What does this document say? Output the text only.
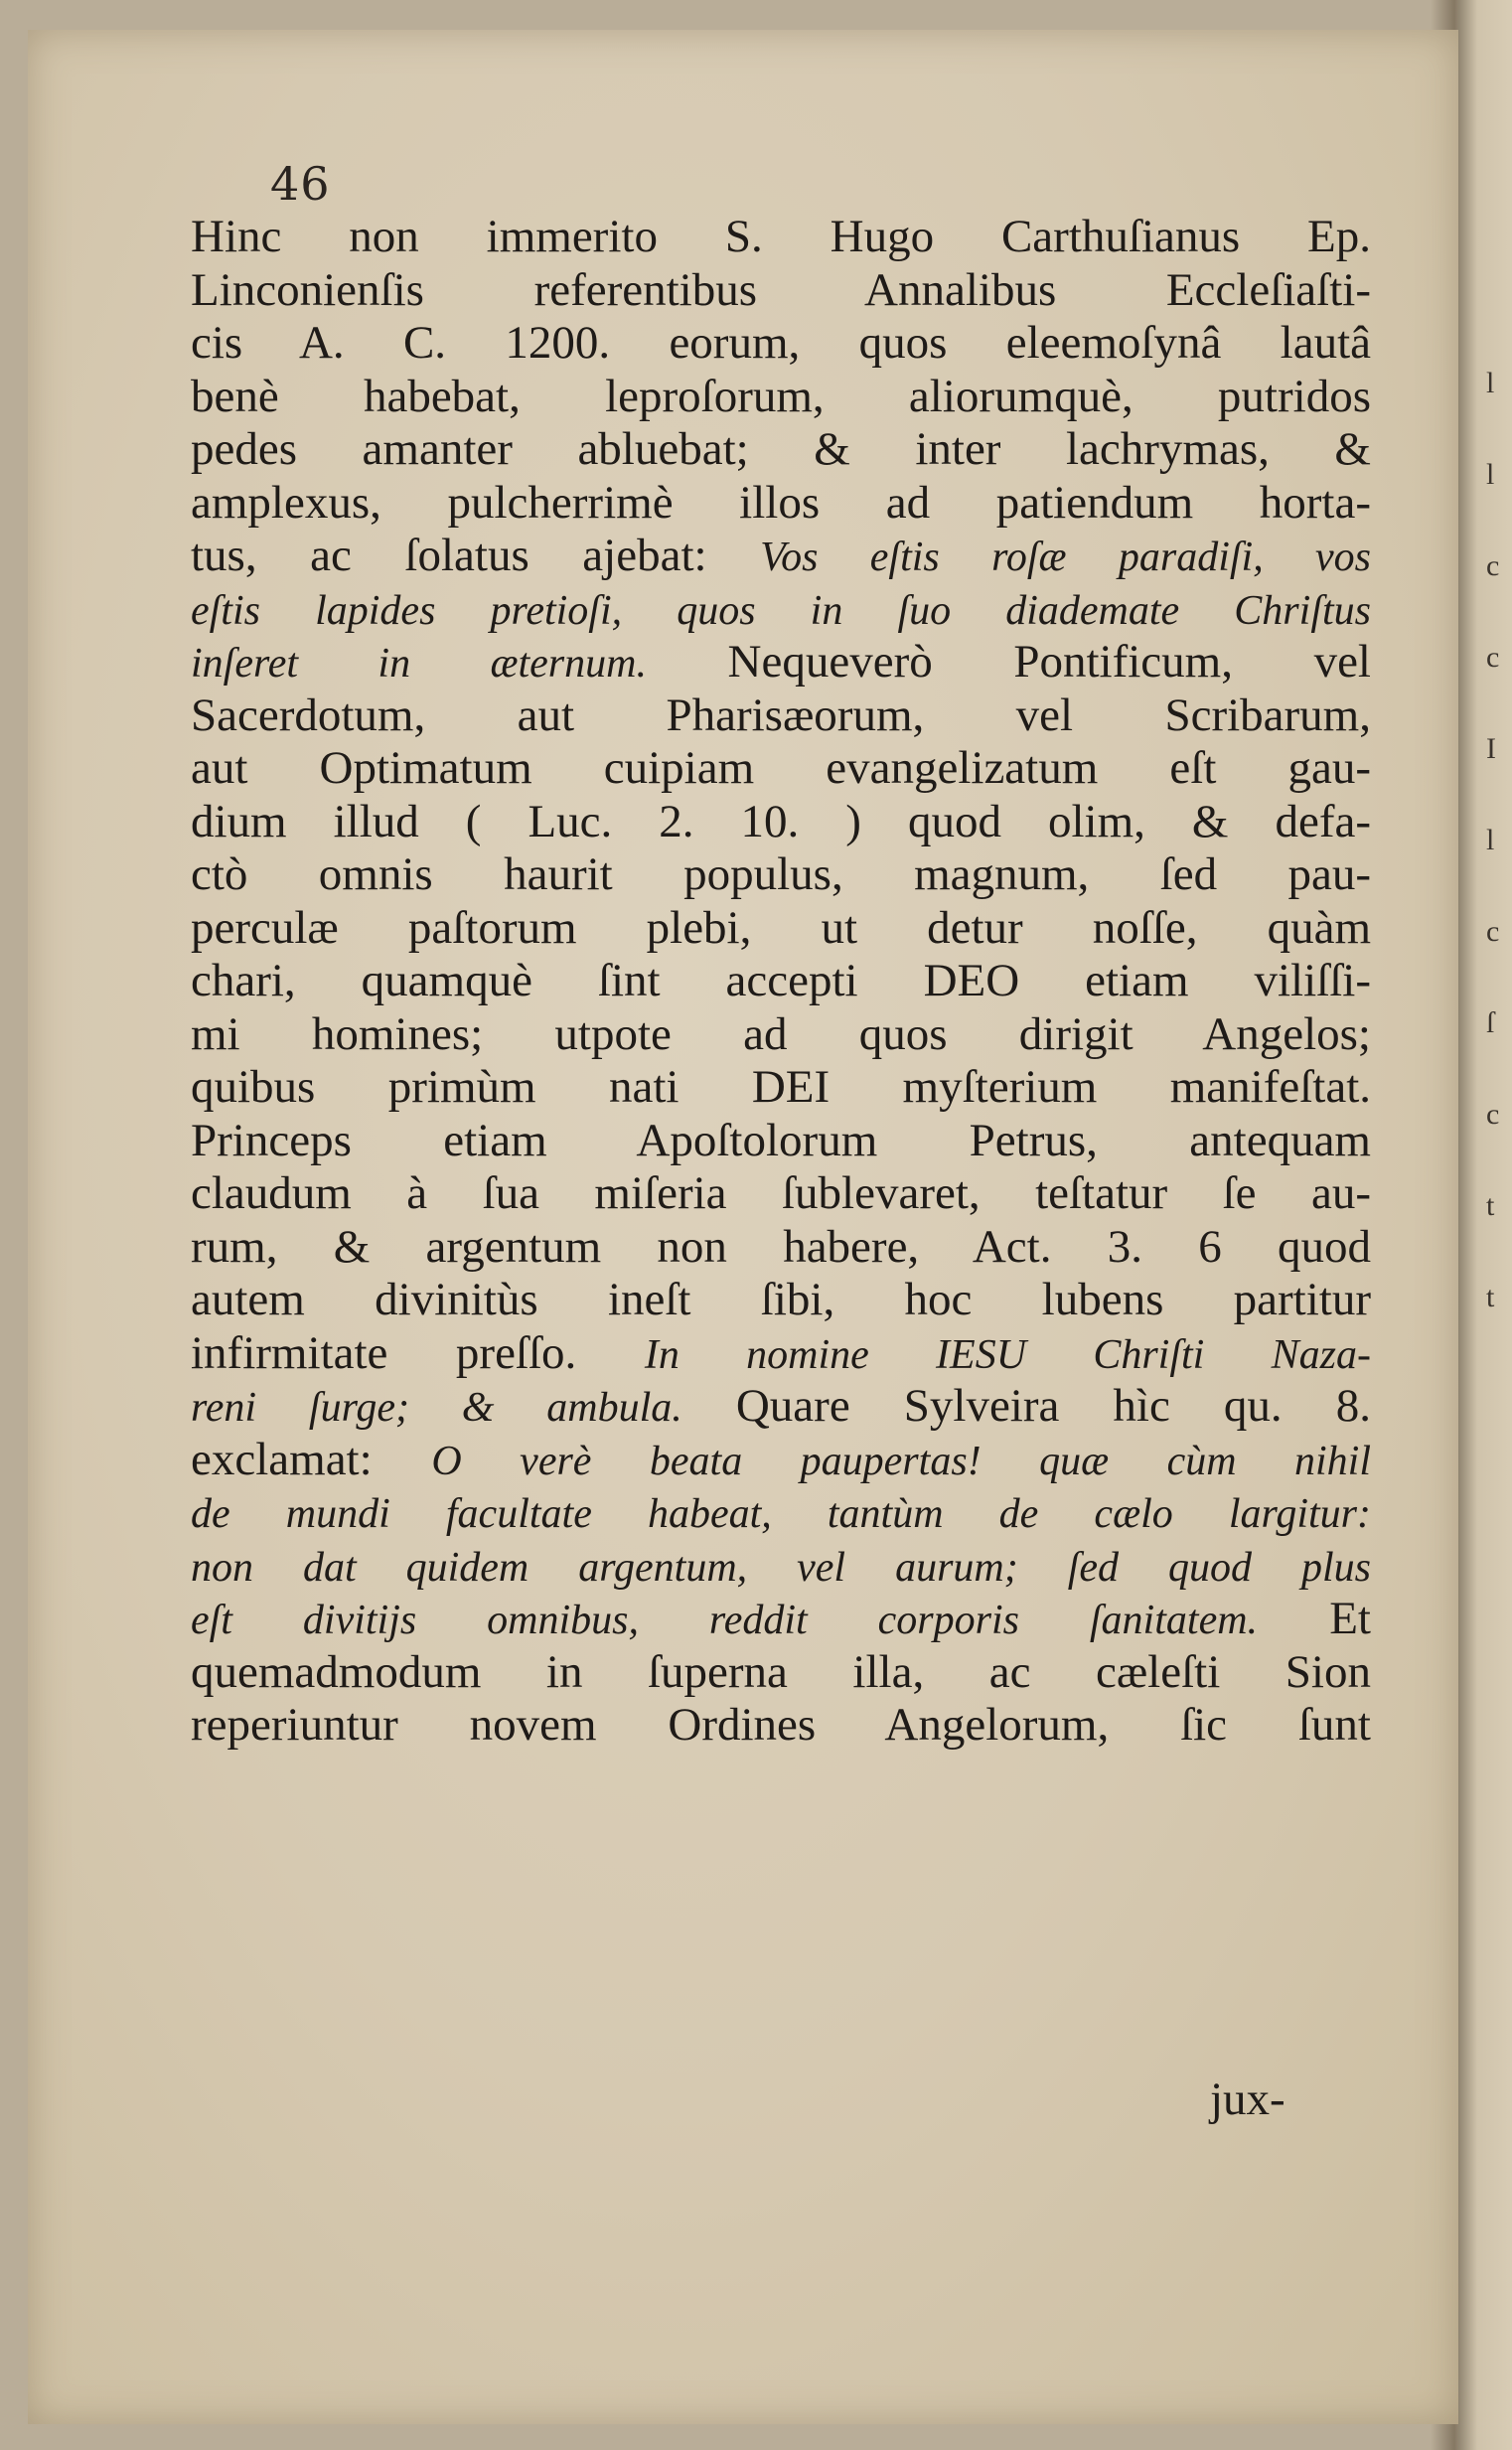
46
Hinc non immerito S. Hugo Carthuſianus Ep.
Linconienſis referentibus Annalibus Eccleſiaſti-
cis A. C. 1200. eorum, quos eleemoſynâ lautâ
benè habebat, leproſorum, aliorumquè, putridos
pedes amanter abluebat; & inter lachrymas, &
amplexus, pulcherrimè illos ad patiendum horta-
tus, ac ſolatus ajebat: Vos eſtis roſæ paradiſi, vos
eſtis lapides pretioſi, quos in ſuo diademate Chriſtus
inſeret in æternum. Nequeverò Pontificum, vel
Sacerdotum, aut Pharisæorum, vel Scribarum,
aut Optimatum cuipiam evangelizatum eſt gau-
dium illud ( Luc. 2. 10. ) quod olim, & defa-
ctò omnis haurit populus, magnum, ſed pau-
perculæ paſtorum plebi, ut detur noſſe, quàm
chari, quamquè ſint accepti DEO etiam viliſſi-
mi homines; utpote ad quos dirigit Angelos;
quibus primùm nati DEI myſterium manifeſtat.
Princeps etiam Apoſtolorum Petrus, antequam
claudum à ſua miſeria ſublevaret, teſtatur ſe au-
rum, & argentum non habere, Act. 3. 6 quod
autem divinitùs ineſt ſibi, hoc lubens partitur
infirmitate preſſo. In nomine IESU Chriſti Naza-
reni ſurge; & ambula. Quare Sylveira hìc qu. 8.
exclamat: O verè beata paupertas! quæ cùm nihil
de mundi facultate habeat, tantùm de cælo largitur:
non dat quidem argentum, vel aurum; ſed quod plus
eſt divitijs omnibus, reddit corporis ſanitatem. Et
quemadmodum in ſuperna illa, ac cæleſti Sion
reperiuntur novem Ordines Angelorum, ſic ſunt
jux-
l
l
c
c
I
l
c
ſ
c
t
t
